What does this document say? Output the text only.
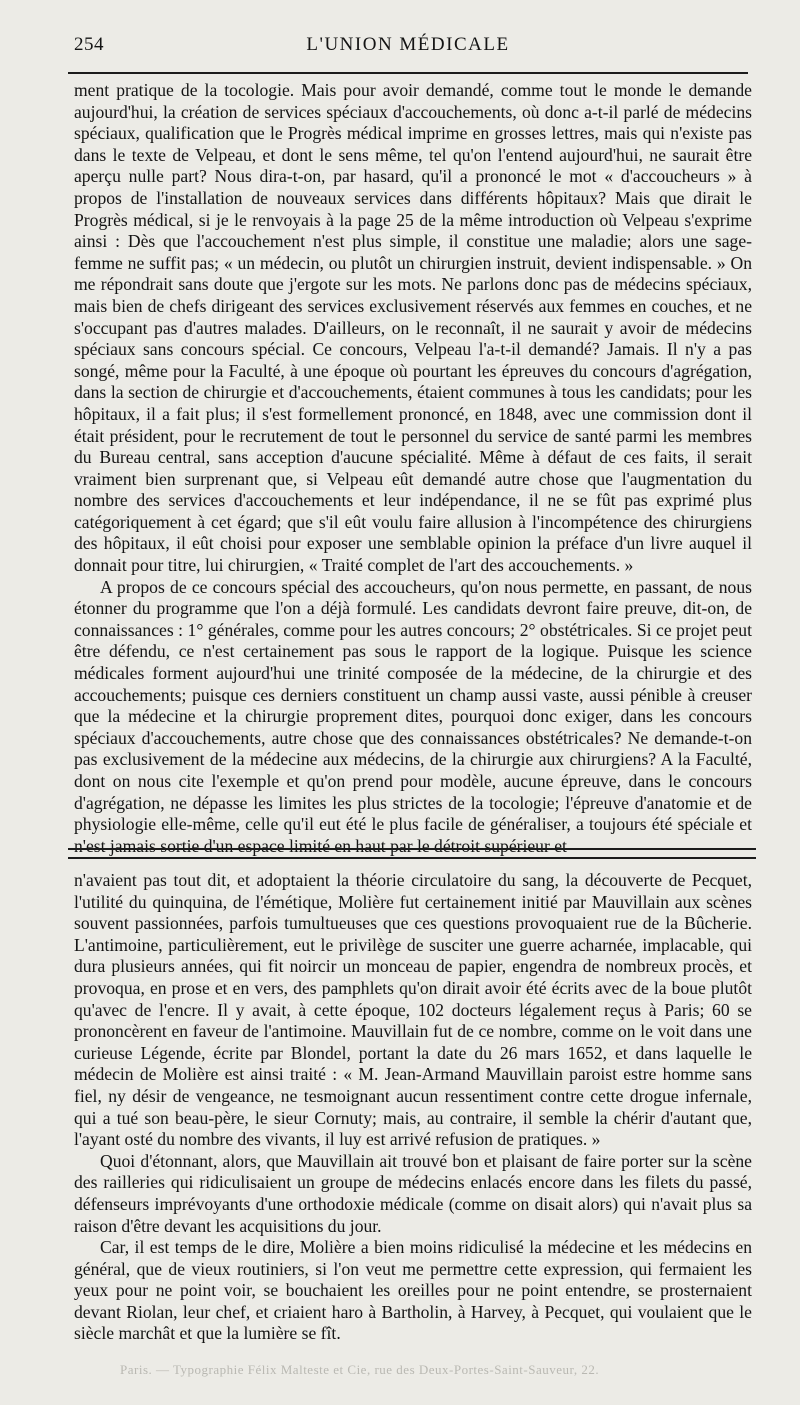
254	L'UNION MÉDICALE

ment pratique de la tocologie. Mais pour avoir demandé, comme tout le monde le demande aujourd'hui, la création de services spéciaux d'accouchements, où donc a-t-il parlé de médecins spéciaux, qualification que le Progrès médical imprime en grosses lettres, mais qui n'existe pas dans le texte de Velpeau, et dont le sens même, tel qu'on l'entend aujourd'hui, ne saurait être aperçu nulle part? Nous dira-t-on, par hasard, qu'il a prononcé le mot « d'accoucheurs » à propos de l'installation de nouveaux services dans différents hôpitaux? Mais que dirait le Progrès médical, si je le renvoyais à la page 25 de la même introduction où Velpeau s'exprime ainsi : Dès que l'accouchement n'est plus simple, il constitue une maladie; alors une sage-femme ne suffit pas; « un médecin, ou plutôt un chirurgien instruit, devient indispensable. » On me répondrait sans doute que j'ergote sur les mots. Ne parlons donc pas de médecins spéciaux, mais bien de chefs dirigeant des services exclusivement réservés aux femmes en couches, et ne s'occupant pas d'autres malades. D'ailleurs, on le reconnaît, il ne saurait y avoir de médecins spéciaux sans concours spécial. Ce concours, Velpeau l'a-t-il demandé? Jamais. Il n'y a pas songé, même pour la Faculté, à une époque où pourtant les épreuves du concours d'agrégation, dans la section de chirurgie et d'accouchements, étaient communes à tous les candidats; pour les hôpitaux, il a fait plus; il s'est formellement prononcé, en 1848, avec une commission dont il était président, pour le recrutement de tout le personnel du service de santé parmi les membres du Bureau central, sans acception d'aucune spécialité. Même à défaut de ces faits, il serait vraiment bien surprenant que, si Velpeau eût demandé autre chose que l'augmentation du nombre des services d'accouchements et leur indépendance, il ne se fût pas exprimé plus catégoriquement à cet égard; que s'il eût voulu faire allusion à l'incompétence des chirurgiens des hôpitaux, il eût choisi pour exposer une semblable opinion la préface d'un livre auquel il donnait pour titre, lui chirurgien, « Traité complet de l'art des accouchements. »

A propos de ce concours spécial des accoucheurs, qu'on nous permette, en passant, de nous étonner du programme que l'on a déjà formulé. Les candidats devront faire preuve, dit-on, de connaissances : 1° générales, comme pour les autres concours; 2° obstétricales. Si ce projet peut être défendu, ce n'est certainement pas sous le rapport de la logique. Puisque les science médicales forment aujourd'hui une trinité composée de la médecine, de la chirurgie et des accouchements; puisque ces derniers constituent un champ aussi vaste, aussi pénible à creuser que la médecine et la chirurgie proprement dites, pourquoi donc exiger, dans les concours spéciaux d'accouchements, autre chose que des connaissances obstétricales? Ne demande-t-on pas exclusivement de la médecine aux médecins, de la chirurgie aux chirurgiens? A la Faculté, dont on nous cite l'exemple et qu'on prend pour modèle, aucune épreuve, dans le concours d'agrégation, ne dépasse les limites les plus strictes de la tocologie; l'épreuve d'anatomie et de physiologie elle-même, celle qu'il eut été le plus facile de généraliser, a toujours été spéciale et n'est jamais sortie d'un espace limité en haut par le détroit supérieur et

n'avaient pas tout dit, et adoptaient la théorie circulatoire du sang, la découverte de Pecquet, l'utilité du quinquina, de l'émétique, Molière fut certainement initié par Mauvillain aux scènes souvent passionnées, parfois tumultueuses que ces questions provoquaient rue de la Bûcherie. L'antimoine, particulièrement, eut le privilège de susciter une guerre acharnée, implacable, qui dura plusieurs années, qui fit noircir un monceau de papier, engendra de nombreux procès, et provoqua, en prose et en vers, des pamphlets qu'on dirait avoir été écrits avec de la boue plutôt qu'avec de l'encre. Il y avait, à cette époque, 102 docteurs légalement reçus à Paris; 60 se prononcèrent en faveur de l'antimoine. Mauvillain fut de ce nombre, comme on le voit dans une curieuse Légende, écrite par Blondel, portant la date du 26 mars 1652, et dans laquelle le médecin de Molière est ainsi traité : « M. Jean-Armand Mauvillain paroist estre homme sans fiel, ny désir de vengeance, ne tesmoignant aucun ressentiment contre cette drogue infernale, qui a tué son beau-père, le sieur Cornuty; mais, au contraire, il semble la chérir d'autant que, l'ayant osté du nombre des vivants, il luy est arrivé refusion de pratiques. »

Quoi d'étonnant, alors, que Mauvillain ait trouvé bon et plaisant de faire porter sur la scène des railleries qui ridiculisaient un groupe de médecins enlacés encore dans les filets du passé, défenseurs imprévoyants d'une orthodoxie médicale (comme on disait alors) qui n'avait plus sa raison d'être devant les acquisitions du jour.

Car, il est temps de le dire, Molière a bien moins ridiculisé la médecine et les médecins en général, que de vieux routiniers, si l'on veut me permettre cette expression, qui fermaient les yeux pour ne point voir, se bouchaient les oreilles pour ne point entendre, se prosternaient devant Riolan, leur chef, et criaient haro à Bartholin, à Harvey, à Pecquet, qui voulaient que le siècle marchât et que la lumière se fît.

Paris. — Typographie Félix Malteste et Cie, rue des Deux-Portes-Saint-Sauveur, 22.
